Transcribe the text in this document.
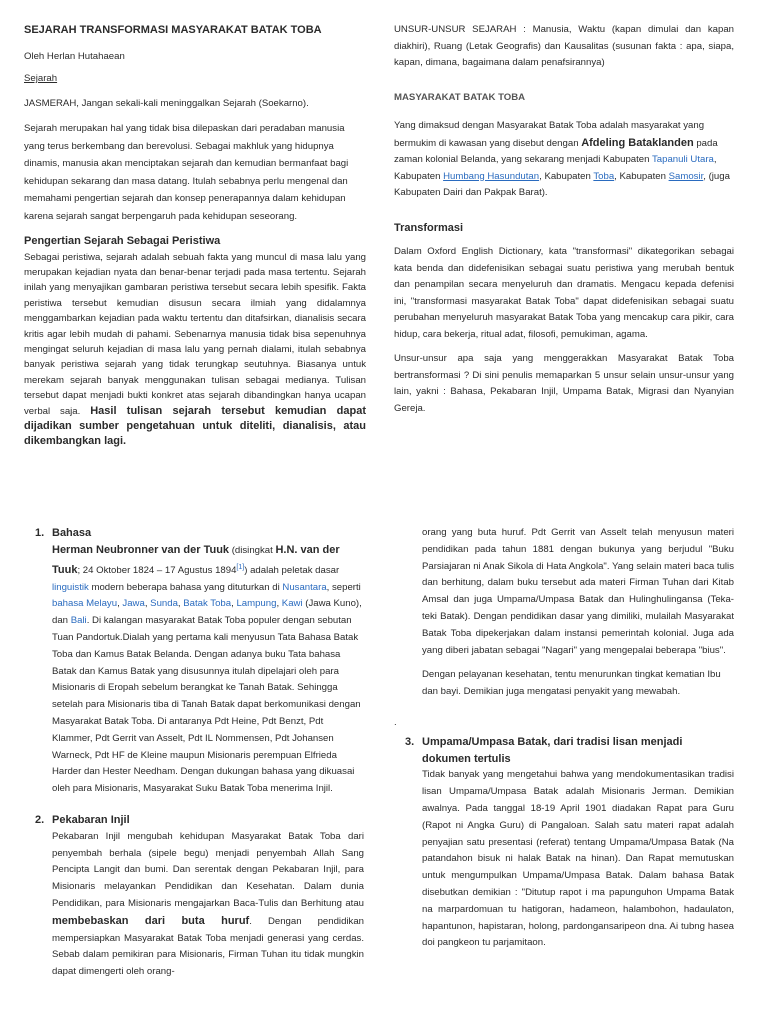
SEJARAH TRANSFORMASI MASYARAKAT BATAK TOBA

Oleh Herlan Hutahaean

Sejarah

JASMERAH, Jangan sekali-kali meninggalkan Sejarah (Soekarno).

Sejarah merupakan hal yang tidak bisa dilepaskan dari peradaban manusia yang terus berkembang dan berevolusi. Sebagai makhluk yang hidupnya dinamis, manusia akan menciptakan sejarah dan kemudian bermanfaat bagi kehidupan sekarang dan masa datang. Itulah sebabnya perlu mengenal dan memahami pengertian sejarah dan konsep penerapannya dalam kehidupan karena sejarah sangat berpengaruh pada kehidupan seseorang.

Pengertian Sejarah Sebagai Peristiwa

Sebagai peristiwa, sejarah adalah sebuah fakta yang muncul di masa lalu yang merupakan kejadian nyata dan benar-benar terjadi pada masa tertentu. Sejarah inilah yang menyajikan gambaran peristiwa tersebut secara lebih spesifik. Fakta peristiwa tersebut kemudian disusun secara ilmiah yang didalamnya menggambarkan kejadian pada waktu tertentu dan ditafsirkan, dianalisis secara kritis agar lebih mudah di pahami. Sebenarnya manusia tidak bisa sepenuhnya mengingat seluruh kejadian di masa lalu yang pernah dialami, itulah sebabnya banyak peristiwa sejarah yang tidak terungkap seutuhnya. Biasanya untuk merekam sejarah banyak menggunakan tulisan sebagai medianya. Tulisan tersebut dapat menjadi bukti konkret atas sejarah dibandingkan hanya ucapan verbal saja. Hasil tulisan sejarah tersebut kemudian dapat dijadikan sumber pengetahuan untuk diteliti, dianalisis, atau dikembangkan lagi.

UNSUR-UNSUR SEJARAH : Manusia, Waktu (kapan dimulai dan kapan diakhiri), Ruang (Letak Geografis) dan Kausalitas (susunan fakta : apa, siapa, kapan, dimana, bagaimana dalam penafsirannya)

MASYARAKAT BATAK TOBA

Yang dimaksud dengan Masyarakat Batak Toba adalah masyarakat yang bermukim di kawasan yang disebut dengan Afdeling Bataklanden pada zaman kolonial Belanda, yang sekarang menjadi Kabupaten Tapanuli Utara, Kabupaten Humbang Hasundutan, Kabupaten Toba, Kabupaten Samosir, (juga Kabupaten Dairi dan Pakpak Barat).

Transformasi

Dalam Oxford English Dictionary, kata "transformasi" dikategorikan sebagai kata benda dan didefenisikan sebagai suatu peristiwa yang merubah bentuk dan penampilan secara menyeluruh dan dramatis. Mengacu kepada defenisi ini, "transformasi masyarakat Batak Toba" dapat didefenisikan sebagai suatu perubahan menyeluruh masyarakat Batak Toba yang mencakup cara pikir, cara hidup, cara bekerja, ritual adat, filosofi, pemukiman, agama.

Unsur-unsur apa saja yang menggerakkan Masyarakat Batak Toba bertransformasi ? Di sini penulis memaparkan 5 unsur selain unsur-unsur yang lain, yakni : Bahasa, Pekabaran Injil, Umpama Batak, Migrasi dan Nyanyian Gereja.

1. Bahasa

Herman Neubronner van der Tuuk (disingkat H.N. van der Tuuk; 24 Oktober 1824 – 17 Agustus 1894[1]) adalah peletak dasar linguistik modern beberapa bahasa yang dituturkan di Nusantara, seperti bahasa Melayu, Jawa, Sunda, Batak Toba, Lampung, Kawi (Jawa Kuno), dan Bali. Di kalangan masyarakat Batak Toba populer dengan sebutan Tuan Pandortuk.Dialah yang pertama kali menyusun Tata Bahasa Batak Toba dan Kamus Batak Belanda. Dengan adanya buku Tata bahasa Batak dan Kamus Batak yang disusunnya itulah dipelajari oleh para Misionaris di Eropah sebelum berangkat ke Tanah Batak. Sehingga setelah para Misionaris tiba di Tanah Batak dapat berkomunikasi dengan Masyarakat Batak Toba. Di antaranya Pdt Heine, Pdt Benzt, Pdt Klammer, Pdt Gerrit van Asselt, Pdt IL Nommensen, Pdt Johansen Warneck, Pdt HF de Kleine maupun Misionaris perempuan Elfrieda Harder dan Hester Needham. Dengan dukungan bahasa yang dikuasai oleh para Misionaris, Masyarakat Suku Batak Toba menerima Injil.

2. Pekabaran Injil

Pekabaran Injil mengubah kehidupan Masyarakat Batak Toba dari penyembah berhala (sipele begu) menjadi penyembah Allah Sang Pencipta Langit dan bumi. Dan serentak dengan Pekabaran Injil, para Misionaris melayankan Pendidikan dan Kesehatan. Dalam dunia Pendidikan, para Misionaris mengajarkan Baca-Tulis dan Berhitung atau membebaskan dari buta huruf. Dengan pendidikan mempersiapkan Masyarakat Batak Toba menjadi generasi yang cerdas. Sebab dalam pemikiran para Misionaris, Firman Tuhan itu tidak mungkin dapat dimengerti oleh orang-

orang yang buta huruf. Pdt Gerrit van Asselt telah menyusun materi pendidikan pada tahun 1881 dengan bukunya yang berjudul "Buku Parsiajaran ni Anak Sikola di Hata Angkola". Yang selain materi baca tulis dan berhitung, dalam buku tersebut ada materi Firman Tuhan dari Kitab Amsal dan juga Umpama/Umpasa Batak dan Hulinghulingansa (Teka-teki Batak). Dengan pendidikan dasar yang dimiliki, mulailah Masyarakat Batak Toba dipekerjakan dalam instansi pemerintah kolonial. Juga ada yang diberi jabatan sebagai "Nagari" yang mengepalai beberapa "bius".

Dengan pelayanan kesehatan, tentu menurunkan tingkat kematian Ibu dan bayi. Demikian juga mengatasi penyakit yang mewabah.

.

3. Umpama/Umpasa Batak, dari tradisi lisan menjadi dokumen tertulis

Tidak banyak yang mengetahui bahwa yang mendokumentasikan tradisi lisan Umpama/Umpasa Batak adalah Misionaris Jerman. Demikian awalnya. Pada tanggal 18-19 April 1901 diadakan Rapat para Guru (Rapot ni Angka Guru) di Pangaloan. Salah satu materi rapat adalah penyajian satu presentasi (referat) tentang Umpama/Umpasa Batak (Na patandahon bisuk ni halak Batak na hinan). Dan Rapat memutuskan untuk mengumpulkan Umpama/Umpasa Batak. Dalam bahasa Batak disebutkan demikian : "Ditutup rapot i ma papunguhon Umpama Batak na marpardomuan tu hatigoran, hadameon, halambohon, hadaulaton, hapantunon, hapistaran, holong, pardongansaripeon dna. Ai tubng hasea doi pangkeon tu parjamitaon.
